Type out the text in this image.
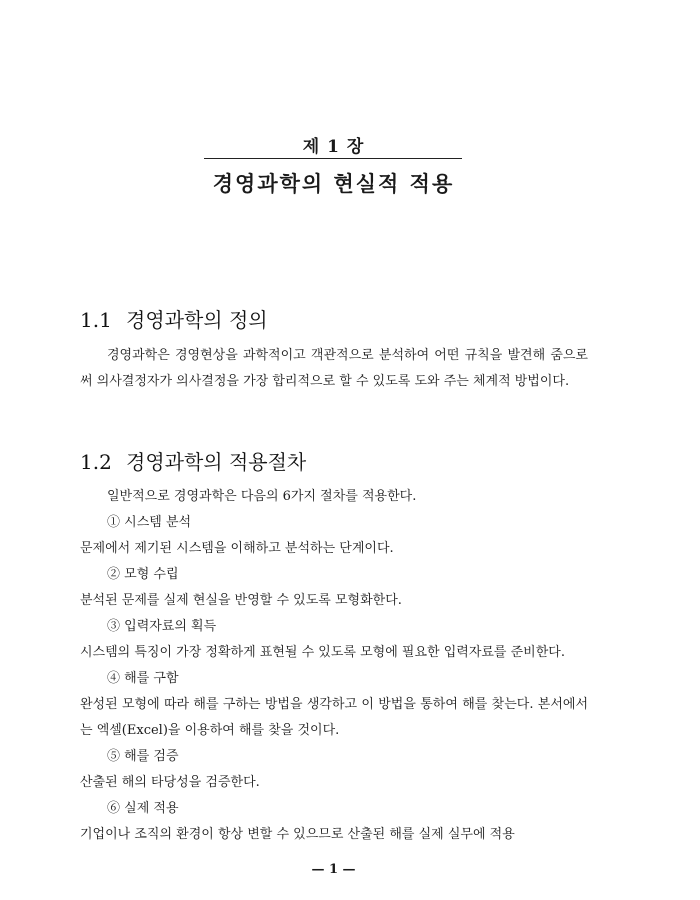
제 1 장
경영과학의 현실적 적용
1.1 경영과학의 정의

경영과학은 경영현상을 과학적이고 객관적으로 분석하여 어떤 규칙을 발견해 줌으로써 의사결정자가 의사결정을 가장 합리적으로 할 수 있도록 도와 주는 체계적 방법이다.

1.2 경영과학의 적용절차
일반적으로 경영과학은 다음의 6가지 절차를 적용한다.
① 시스템 분석
문제에서 제기된 시스템을 이해하고 분석하는 단계이다.
② 모형 수립
분석된 문제를 실제 현실을 반영할 수 있도록 모형화한다.
③ 입력자료의 획득
시스템의 특징이 가장 정확하게 표현될 수 있도록 모형에 필요한 입력자료를 준비한다.
④ 해를 구함
완성된 모형에 따라 해를 구하는 방법을 생각하고 이 방법을 통하여 해를 찾는다. 본서에서는 엑셀(Excel)을 이용하여 해를 찾을 것이다.
⑤ 해를 검증
산출된 해의 타당성을 검증한다.
⑥ 실제 적용
기업이나 조직의 환경이 항상 변할 수 있으므로 산출된 해를 실제 실무에 적용
— 1 —
